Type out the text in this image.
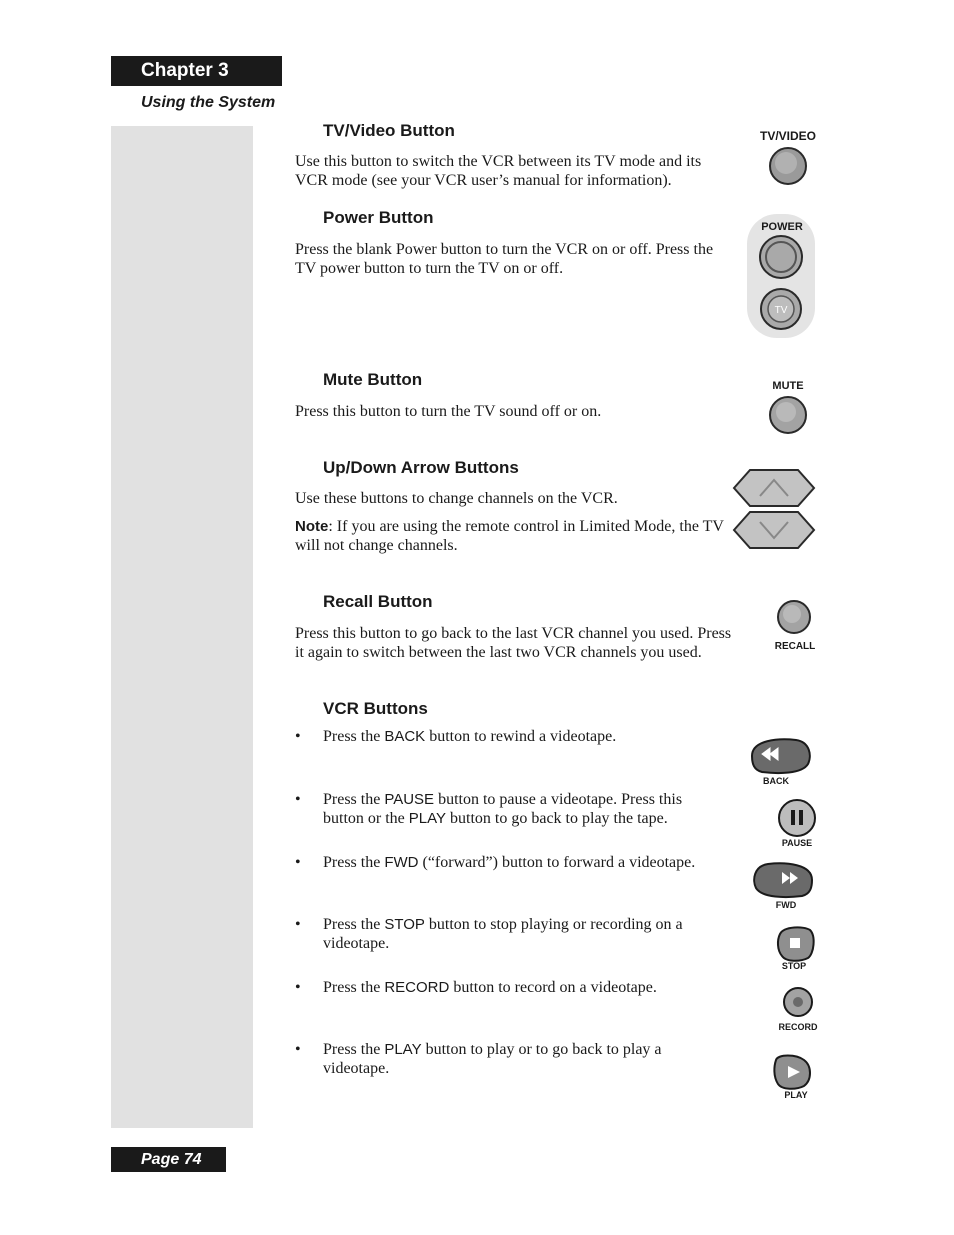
Chapter 3
Using the System
Page 74
TV/Video Button
Use this button to switch the VCR between its TV mode and its VCR mode (see your VCR user’s manual for information).
TV/VIDEO
Power Button
Press the blank Power button to turn the VCR on or off. Press the TV power button to turn the TV on or off.
POWER
TV
Mute Button
Press this button to turn the TV sound off or on.
MUTE
Up/Down Arrow Buttons
Use these buttons to change channels on the VCR.
Note: If you are using the remote control in Limited Mode, the TV will not change channels.
Recall Button
Press this button to go back to the last VCR channel you used. Press it again to switch between the last two VCR channels you used.	RECALL
VCR Buttons
• Press the BACK button to rewind a videotape.
• Press the PAUSE button to pause a videotape. Press this button or the PLAY button to go back to play the tape.
• Press the FWD (“forward”) button to forward a videotape.
• Press the STOP button to stop playing or recording on a videotape.
• Press the RECORD button to record on a videotape.
• Press the PLAY button to play or to go back to play a videotape.
BACK
PAUSE
FWD
STOP
RECORD
PLAY
